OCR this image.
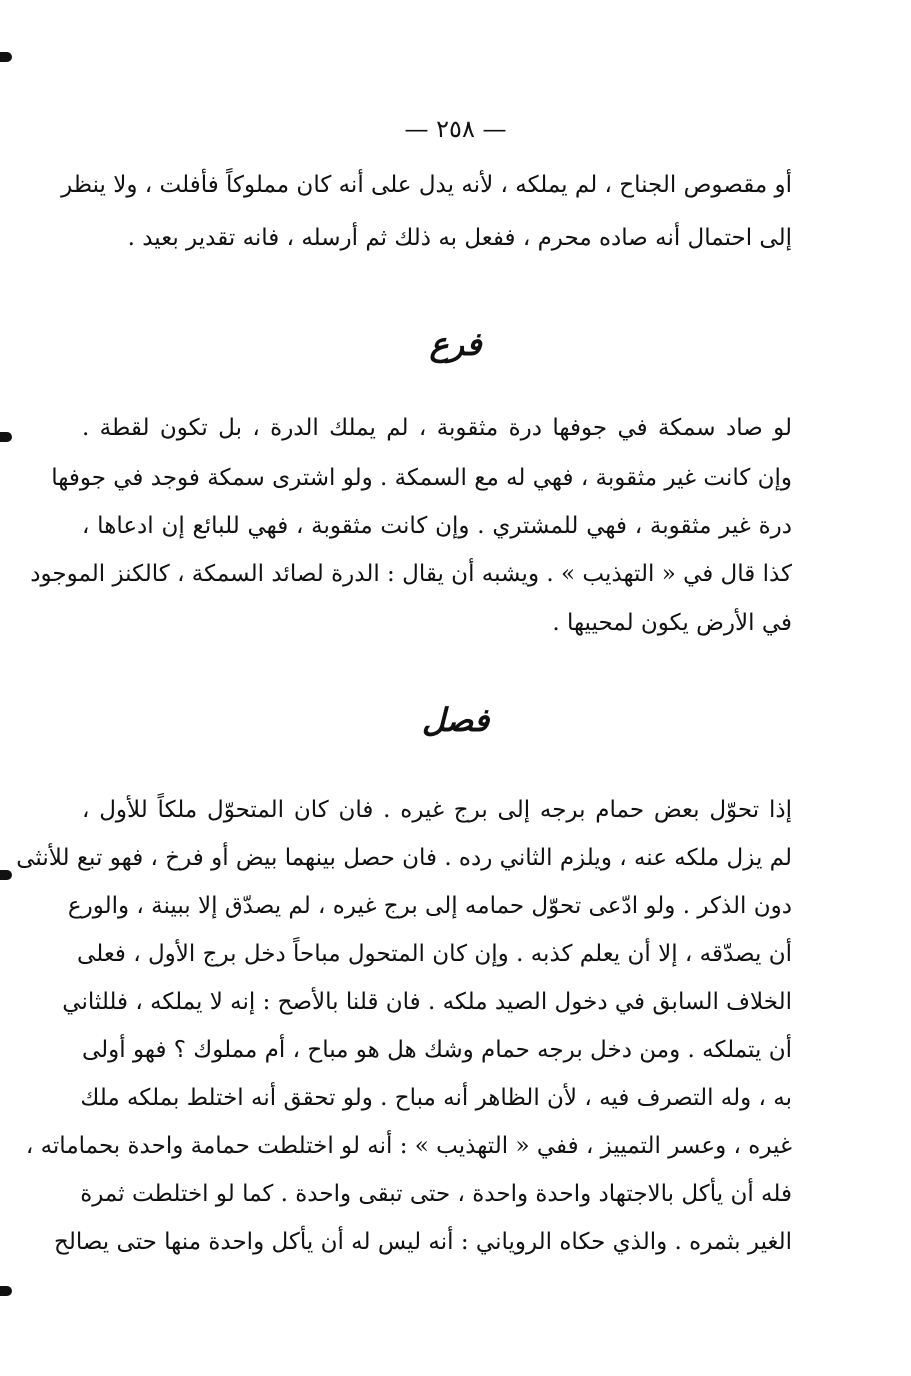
— ٢٥٨ —
أو مقصوص الجناح ، لم يملكه ، لأنه يدل على أنه كان مملوكاً فأفلت ، ولا ينظر
إلى احتمال أنه صاده محرم ، ففعل به ذلك ثم أرسله ، فانه تقدير بعيد .
فرع
لو صاد سمكة في جوفها درة مثقوبة ، لم يملك الدرة ، بل تكون لقطة .
وإن كانت غير مثقوبة ، فهي له مع السمكة . ولو اشترى سمكة فوجد في جوفها
درة غير مثقوبة ، فهي للمشتري . وإن كانت مثقوبة ، فهي للبائع إن ادعاها ،
كذا قال في « التهذيب » . ويشبه أن يقال : الدرة لصائد السمكة ، كالكنز الموجود
في الأرض يكون لمحييها .
فصل
إذا تحوّل بعض حمام برجه إلى برج غيره . فان كان المتحوّل ملكاً للأول ،
لم يزل ملكه عنه ، ويلزم الثاني رده . فان حصل بينهما بيض أو فرخ ، فهو تبع للأنثى
دون الذكر . ولو ادّعى تحوّل حمامه إلى برج غيره ، لم يصدّق إلا ببينة ، والورع
أن يصدّقه ، إلا أن يعلم كذبه . وإن كان المتحول مباحاً دخل برج الأول ، فعلى
الخلاف السابق في دخول الصيد ملكه . فان قلنا بالأصح : إنه لا يملكه ، فللثاني
أن يتملكه . ومن دخل برجه حمام وشك هل هو مباح ، أم مملوك ؟ فهو أولى
به ، وله التصرف فيه ، لأن الظاهر أنه مباح . ولو تحقق أنه اختلط بملكه ملك
غيره ، وعسر التمييز ، ففي « التهذيب » : أنه لو اختلطت حمامة واحدة بحماماته ،
فله أن يأكل بالاجتهاد واحدة واحدة ، حتى تبقى واحدة . كما لو اختلطت ثمرة
الغير بثمره . والذي حكاه الروياني : أنه ليس له أن يأكل واحدة منها حتى يصالح
